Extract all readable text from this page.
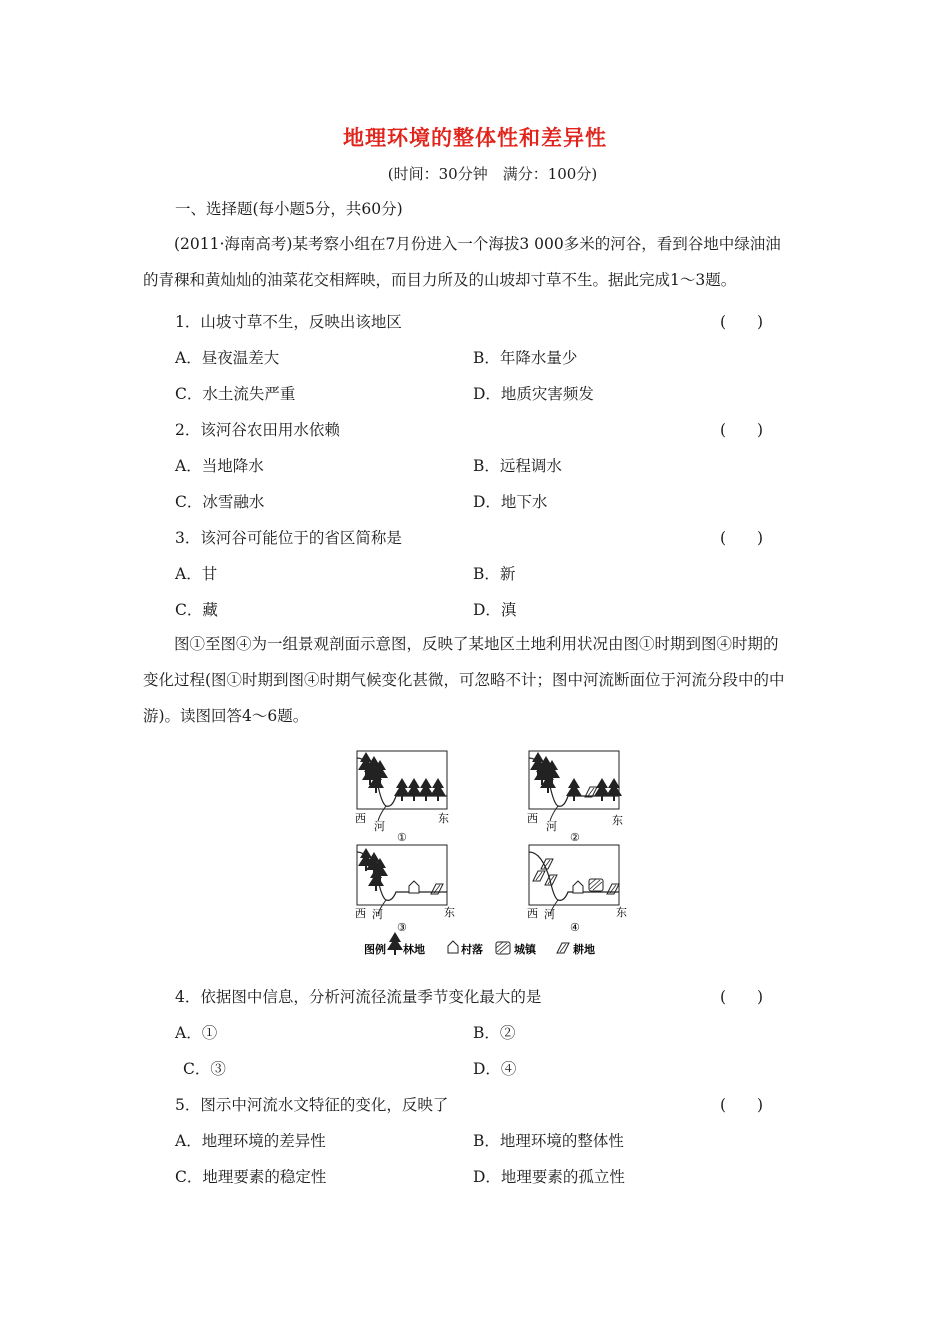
地理环境的整体性和差异性
(时间：30分钟　满分：100分)
一、选择题(每小题5分，共60分)
(2011·海南高考)某考察小组在7月份进入一个海拔3 000多米的河谷，看到谷地中绿油油的青稞和黄灿灿的油菜花交相辉映，而目力所及的山坡却寸草不生。据此完成1～3题。
1．山坡寸草不生，反映出该地区	(　　)
A．昼夜温差大	B．年降水量少
C．水土流失严重	D．地质灾害频发
2．该河谷农田用水依赖	(　　)
A．当地降水	B．远程调水
C．冰雪融水	D．地下水
3．该河谷可能位于的省区简称是	(　　)
A．甘	B．新
C．藏	D．滇
图①至图④为一组景观剖面示意图，反映了某地区土地利用状况由图①时期到图④时期的变化过程(图①时期到图④时期气候变化甚微，可忽略不计；图中河流断面位于河流分段中的中游)。读图回答4～6题。
西	东
河
①
西	东
河
②
西	东
河
③
西	东
河
④
图例 林地	村落	城镇	耕地
4．依据图中信息，分析河流径流量季节变化最大的是	(　　)
A．①	B．②
C．③	D．④
5．图示中河流水文特征的变化，反映了	(　　)
A．地理环境的差异性	B．地理环境的整体性
C．地理要素的稳定性	D．地理要素的孤立性
